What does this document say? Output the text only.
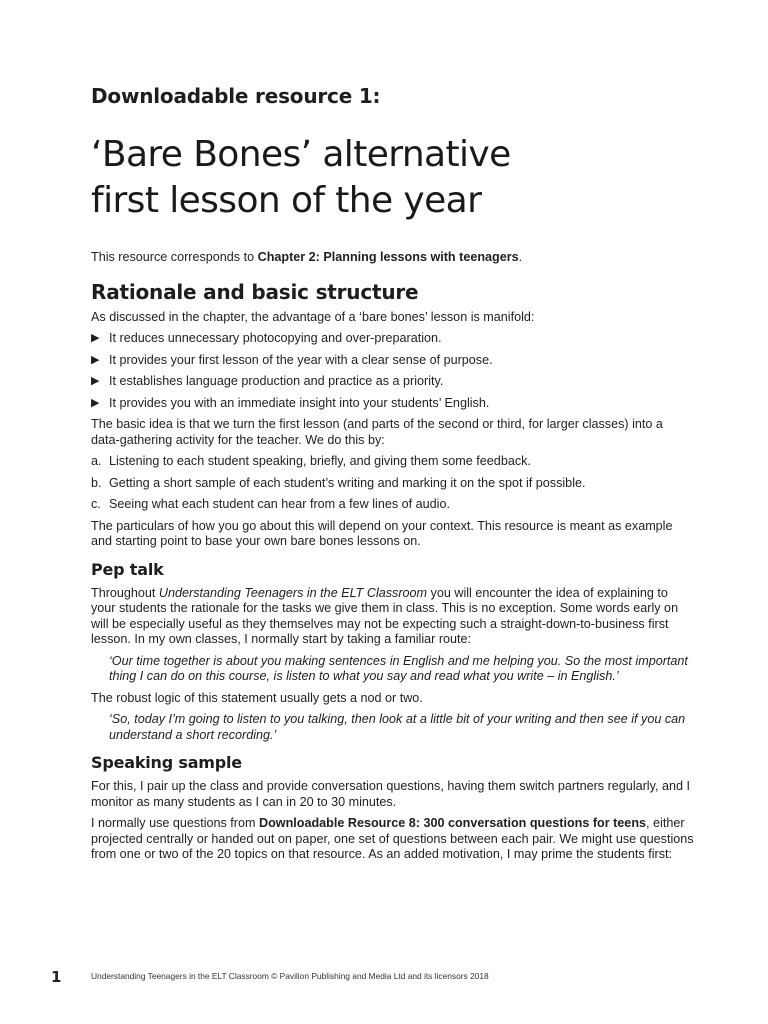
Downloadable resource 1:
‘Bare Bones’ alternative
first lesson of the year

This resource corresponds to Chapter 2: Planning lessons with teenagers.

Rationale and basic structure

As discussed in the chapter, the advantage of a ‘bare bones’ lesson is manifold:

▶ It reduces unnecessary photocopying and over-preparation.
▶ It provides your first lesson of the year with a clear sense of purpose.
▶ It establishes language production and practice as a priority.
▶ It provides you with an immediate insight into your students’ English.

The basic idea is that we turn the first lesson (and parts of the second or third, for larger classes) into a data-gathering activity for the teacher. We do this by:

a. Listening to each student speaking, briefly, and giving them some feedback.
b. Getting a short sample of each student’s writing and marking it on the spot if possible.
c. Seeing what each student can hear from a few lines of audio.

The particulars of how you go about this will depend on your context. This resource is meant as example and starting point to base your own bare bones lessons on.

Pep talk

Throughout Understanding Teenagers in the ELT Classroom you will encounter the idea of explaining to your students the rationale for the tasks we give them in class. This is no exception. Some words early on will be especially useful as they themselves may not be expecting such a straight-down-to-business first lesson. In my own classes, I normally start by taking a familiar route:

‘Our time together is about you making sentences in English and me helping you. So the most important thing I can do on this course, is listen to what you say and read what you write – in English.’

The robust logic of this statement usually gets a nod or two.

‘So, today I’m going to listen to you talking, then look at a little bit of your writing and then see if you can understand a short recording.’

Speaking sample

For this, I pair up the class and provide conversation questions, having them switch partners regularly, and I monitor as many students as I can in 20 to 30 minutes.

I normally use questions from Downloadable Resource 8: 300 conversation questions for teens, either projected centrally or handed out on paper, one set of questions between each pair. We might use questions from one or two of the 20 topics on that resource. As an added motivation, I may prime the students first:

1	Understanding Teenagers in the ELT Classroom © Pavilion Publishing and Media Ltd and its licensors 2018
